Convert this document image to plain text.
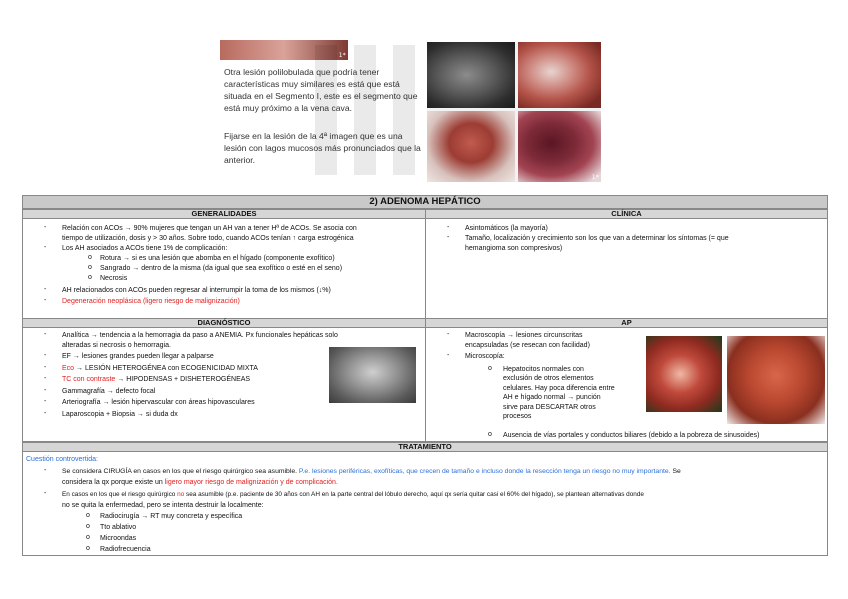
1*
Otra lesión polilobulada que podría tener
características muy similares es está que está
situada en el Segmento I, este es el segmento que
está muy próximo a la vena cava.
Fijarse en la lesión de la 4ª imagen que es una
lesión con lagos mucosos más pronunciados que la
anterior.
1*
2) ADENOMA HEPÁTICO
GENERALIDADES	CLÍNICA
DIAGNÓSTICO	AP
TRATAMIENTO
- Relación con ACOs → 90% mujeres que tengan un AH van a tener Hª de ACOs. Se asocia con
tiempo de utilización, dosis y > 30 años. Sobre todo, cuando ACOs tenían ↑ carga estrogénica
- Los AH asociados a ACOs tiene 1% de complicación:
o Rotura → si es una lesión que abomba en el hígado (componente exofítico)
o Sangrado → dentro de la misma (da igual que sea exofítico o esté en el seno)
o Necrosis
- AH relacionados con ACOs pueden regresar al interrumpir la toma de los mismos (↓%)
- Degeneración neoplásica (ligero riesgo de malignización)
- Asintomáticos (la mayoría)
- Tamaño, localización y crecimiento son los que van a determinar los síntomas (= que
hemangioma son compresivos)
- Analítica → tendencia a la hemorragia da paso a ANEMIA. Px funcionales hepáticas solo
alteradas si necrosis o hemorragia.
- EF → lesiones grandes pueden llegar a palparse
- Eco → LESIÓN HETEROGÉNEA con ECOGENICIDAD MIXTA
- TC con contraste → HIPODENSAS + DISHETEROGÉNEAS
- Gammagrafía → defecto focal
- Arteriografía → lesión hipervascular con áreas hipovasculares
- Laparoscopia + Biopsia → si duda dx
- Macroscopía → lesiones circunscritas
encapsuladas (se resecan con facilidad)
- Microscopía:
o Hepatocitos normales con
exclusión de otros elementos
celulares. Hay poca diferencia entre
AH e hígado normal → punción
sirve para DESCARTAR otros
procesos
o Ausencia de vías portales y conductos biliares (debido a la pobreza de sinusoides)
Cuestión controvertida:
- Se considera CIRUGÍA en casos en los que el riesgo quirúrgico sea asumible. P.e. lesiones periféricas, exofíticas, que crecen de tamaño e incluso donde la resección tenga un riesgo no muy importante. Se
considera la qx porque existe un ligero mayor riesgo de malignización y de complicación.
- En casos en los que el riesgo quirúrgico no sea asumible (p.e. paciente de 30 años con AH en la parte central del lóbulo derecho, aquí qx sería quitar casi el 60% del hígado), se plantean alternativas donde
no se quita la enfermedad, pero se intenta destruir la localmente:
o Radiocirugía → RT muy concreta y específica
o Tto ablativo
o Microondas
o Radiofrecuencia
